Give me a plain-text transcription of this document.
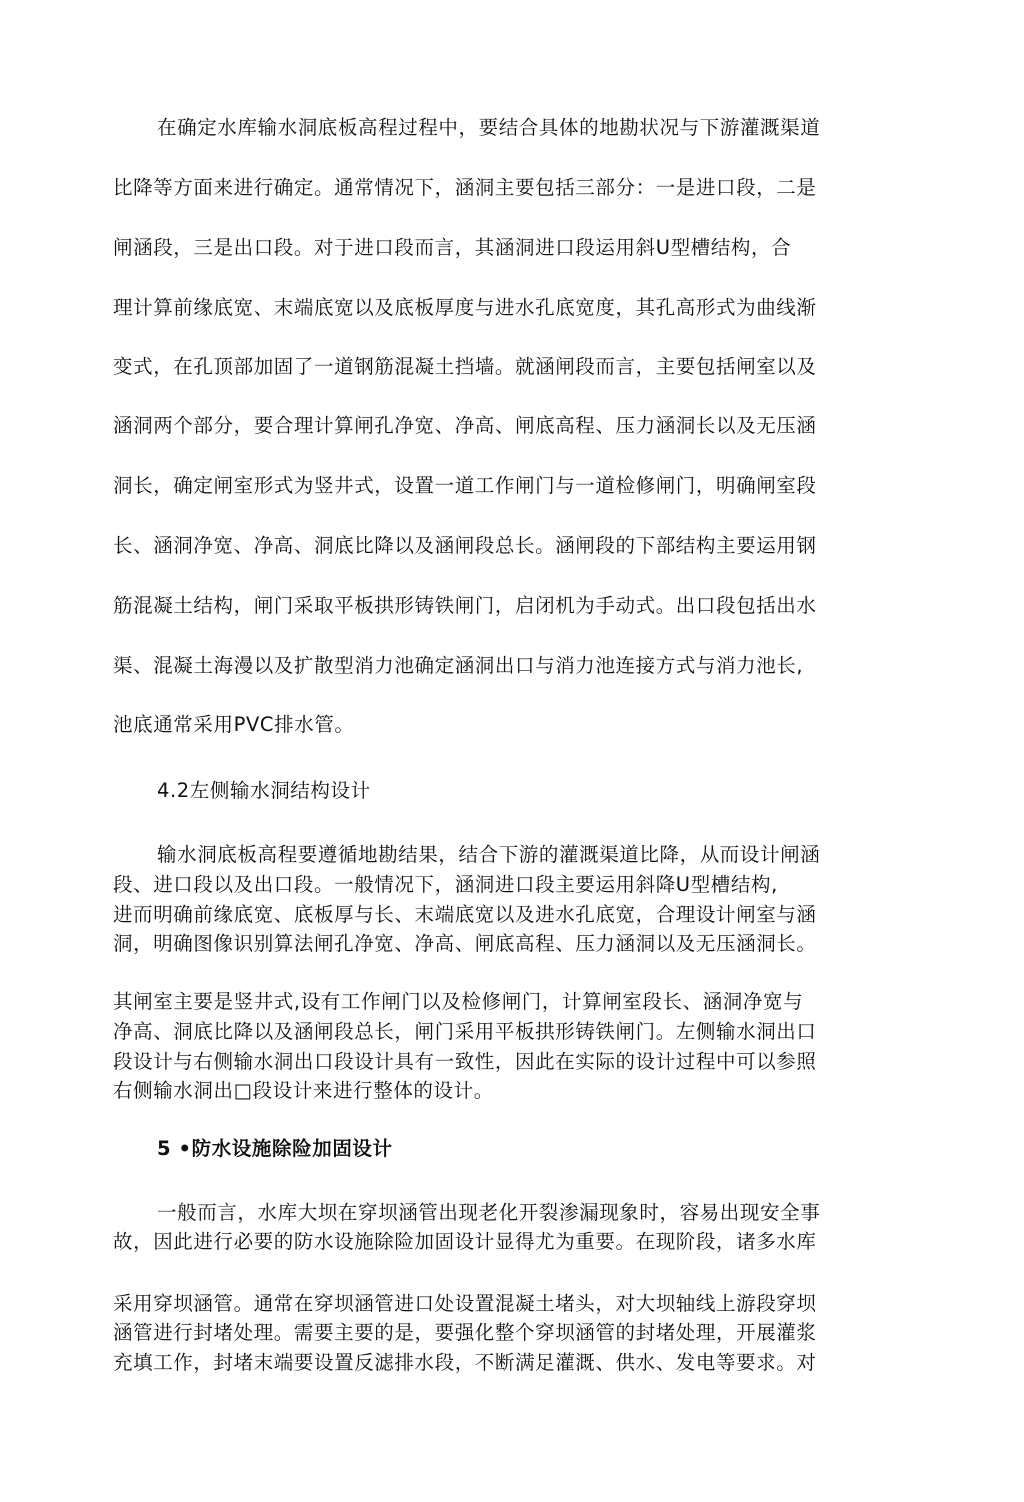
在确定水库输水洞底板高程过程中，要结合具体的地勘状况与下游灌溉渠道
比降等方面来进行确定。通常情况下，涵洞主要包括三部分：一是进口段，二是
闸涵段，三是出口段。对于进口段而言，其涵洞进口段运用斜U型槽结构，合
理计算前缘底宽、末端底宽以及底板厚度与进水孔底宽度，其孔高形式为曲线渐
变式，在孔顶部加固了一道钢筋混凝土挡墙。就涵闸段而言，主要包括闸室以及
涵洞两个部分，要合理计算闸孔净宽、净高、闸底高程、压力涵洞长以及无压涵
洞长，确定闸室形式为竖井式，设置一道工作闸门与一道检修闸门，明确闸室段
长、涵洞净宽、净高、洞底比降以及涵闸段总长。涵闸段的下部结构主要运用钢
筋混凝土结构，闸门采取平板拱形铸铁闸门，启闭机为手动式。出口段包括出水
渠、混凝土海漫以及扩散型消力池确定涵洞出口与消力池连接方式与消力池长,
池底通常采用PVC排水管。
4.2左侧输水洞结构设计
输水洞底板高程要遵循地勘结果，结合下游的灌溉渠道比降，从而设计闸涵
段、进口段以及出口段。一般情况下，涵洞进口段主要运用斜降U型槽结构,
进而明确前缘底宽、底板厚与长、末端底宽以及进水孔底宽，合理设计闸室与涵
洞，明确图像识别算法闸孔净宽、净高、闸底高程、压力涵洞以及无压涵洞长。
其闸室主要是竖井式,设有工作闸门以及检修闸门，计算闸室段长、涵洞净宽与
净高、洞底比降以及涵闸段总长，闸门采用平板拱形铸铁闸门。左侧输水洞出口
段设计与右侧输水洞出口段设计具有一致性，因此在实际的设计过程中可以参照
右侧输水洞出□段设计来进行整体的设计。
5 •防水设施除险加固设计
一般而言，水库大坝在穿坝涵管出现老化开裂渗漏现象时，容易出现安全事
故，因此进行必要的防水设施除险加固设计显得尤为重要。在现阶段，诸多水库
采用穿坝涵管。通常在穿坝涵管进口处设置混凝土堵头，对大坝轴线上游段穿坝
涵管进行封堵处理。需要主要的是，要强化整个穿坝涵管的封堵处理，开展灌浆
充填工作，封堵末端要设置反滤排水段，不断满足灌溉、供水、发电等要求。对
